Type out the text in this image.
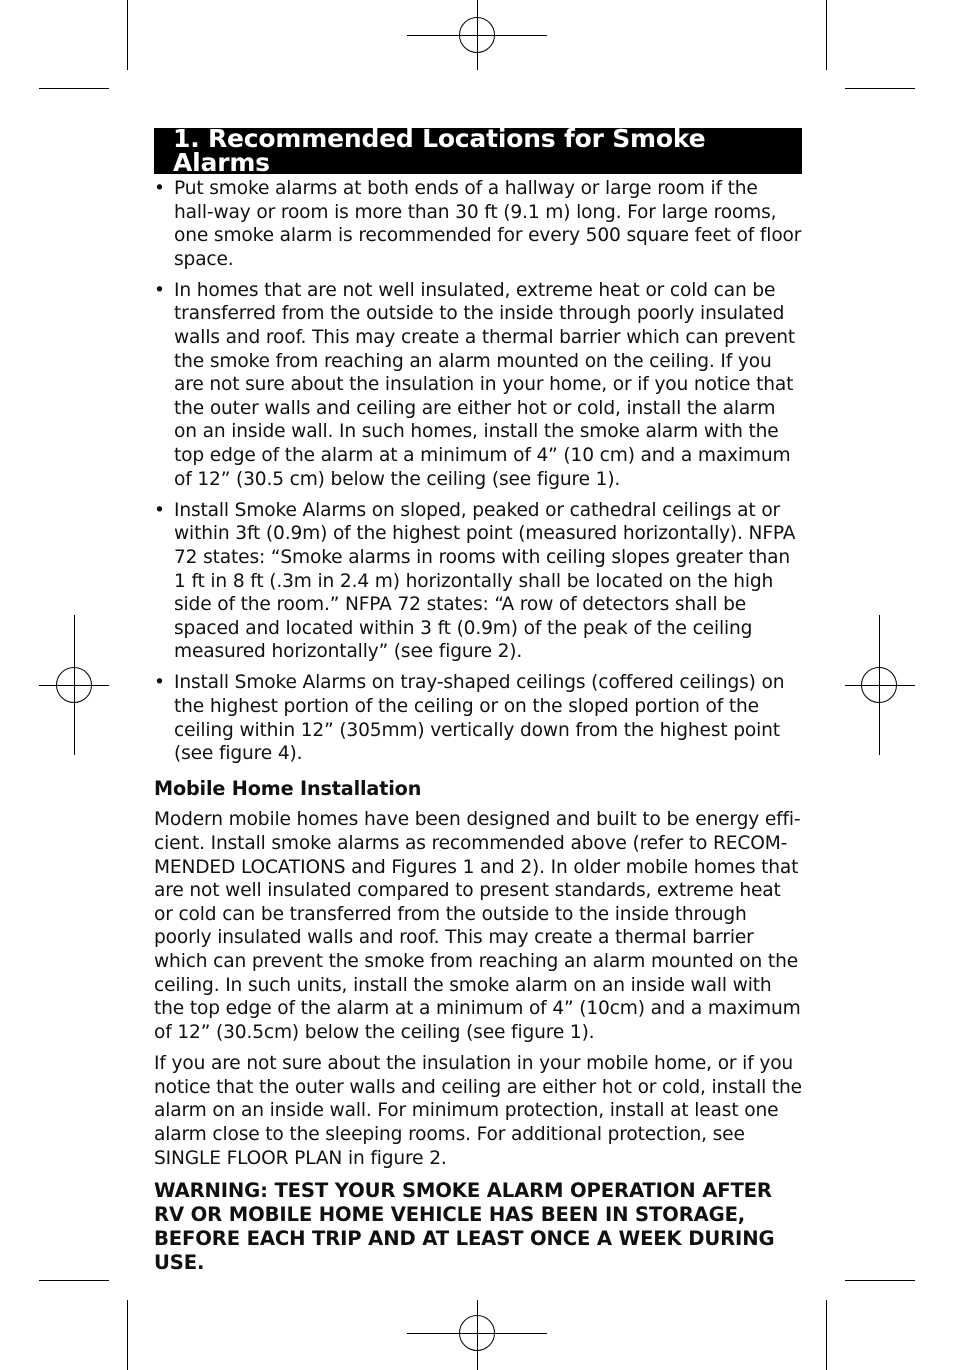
1. Recommended Locations for Smoke Alarms
• Put smoke alarms at both ends of a hallway or large room if the hall-way or room is more than 30 ft (9.1 m) long. For large rooms, one smoke alarm is recommended for every 500 square feet of floor space.
• In homes that are not well insulated, extreme heat or cold can be transferred from the outside to the inside through poorly insulated walls and roof. This may create a thermal barrier which can prevent the smoke from reaching an alarm mounted on the ceiling. If you are not sure about the insulation in your home, or if you notice that the outer walls and ceiling are either hot or cold, install the alarm on an inside wall. In such homes, install the smoke alarm with the top edge of the alarm at a minimum of 4” (10 cm) and a maximum of 12” (30.5 cm) below the ceiling (see figure 1).
• Install Smoke Alarms on sloped, peaked or cathedral ceilings at or within 3ft (0.9m) of the highest point (measured horizontally). NFPA 72 states: “Smoke alarms in rooms with ceiling slopes greater than 1 ft in 8 ft (.3m in 2.4 m) horizontally shall be located on the high side of the room.” NFPA 72 states: “A row of detectors shall be spaced and located within 3 ft (0.9m) of the peak of the ceiling measured horizontally” (see figure 2).
• Install Smoke Alarms on tray-shaped ceilings (coffered ceilings) on the highest portion of the ceiling or on the sloped portion of the ceiling within 12” (305mm) vertically down from the highest point (see figure 4).
Mobile Home Installation

Modern mobile homes have been designed and built to be energy effi-cient. Install smoke alarms as recommended above (refer to RECOM-MENDED LOCATIONS and Figures 1 and 2). In older mobile homes that are not well insulated compared to present standards, extreme heat or cold can be transferred from the outside to the inside through poorly insulated walls and roof. This may create a thermal barrier which can prevent the smoke from reaching an alarm mounted on the ceiling. In such units, install the smoke alarm on an inside wall with the top edge of the alarm at a minimum of 4” (10cm) and a maximum of 12” (30.5cm) below the ceiling (see figure 1).

If you are not sure about the insulation in your mobile home, or if you notice that the outer walls and ceiling are either hot or cold, install the alarm on an inside wall. For minimum protection, install at least one alarm close to the sleeping rooms. For additional protection, see SINGLE FLOOR PLAN in figure 2.

WARNING: TEST YOUR SMOKE ALARM OPERATION AFTER RV OR MOBILE HOME VEHICLE HAS BEEN IN STORAGE, BEFORE EACH TRIP AND AT LEAST ONCE A WEEK DURING USE.
